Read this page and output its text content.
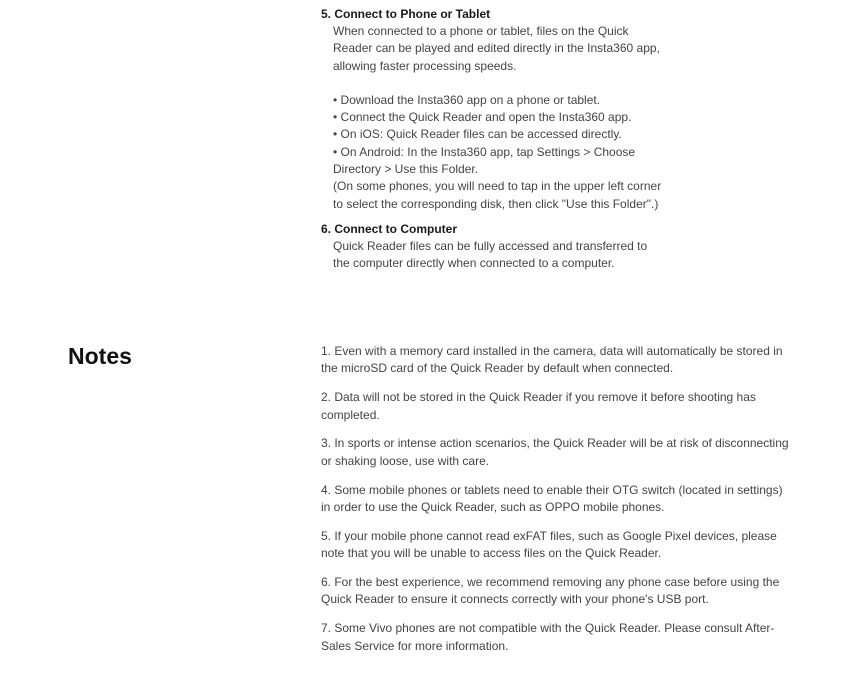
5. Connect to Phone or Tablet

When connected to a phone or tablet, files on the Quick
Reader can be played and edited directly in the Insta360 app,
allowing faster processing speeds.

• Download the Insta360 app on a phone or tablet.
• Connect the Quick Reader and open the Insta360 app.
• On iOS: Quick Reader files can be accessed directly.
• On Android: In the Insta360 app, tap Settings > Choose
Directory > Use this Folder.
(On some phones, you will need to tap in the upper left corner
to select the corresponding disk, then click "Use this Folder".)
6. Connect to Computer

Quick Reader files can be fully accessed and transferred to
the computer directly when connected to a computer.

Notes	1. Even with a memory card installed in the camera, data will automatically be stored in the microSD card of the Quick Reader by default when connected.
2. Data will not be stored in the Quick Reader if you remove it before shooting has completed.
3. In sports or intense action scenarios, the Quick Reader will be at risk of disconnecting or shaking loose, use with care.
4. Some mobile phones or tablets need to enable their OTG switch (located in settings) in order to use the Quick Reader, such as OPPO mobile phones.
5. If your mobile phone cannot read exFAT files, such as Google Pixel devices, please note that you will be unable to access files on the Quick Reader.
6. For the best experience, we recommend removing any phone case before using the Quick Reader to ensure it connects correctly with your phone's USB port.
7. Some Vivo phones are not compatible with the Quick Reader. Please consult After-Sales Service for more information.
